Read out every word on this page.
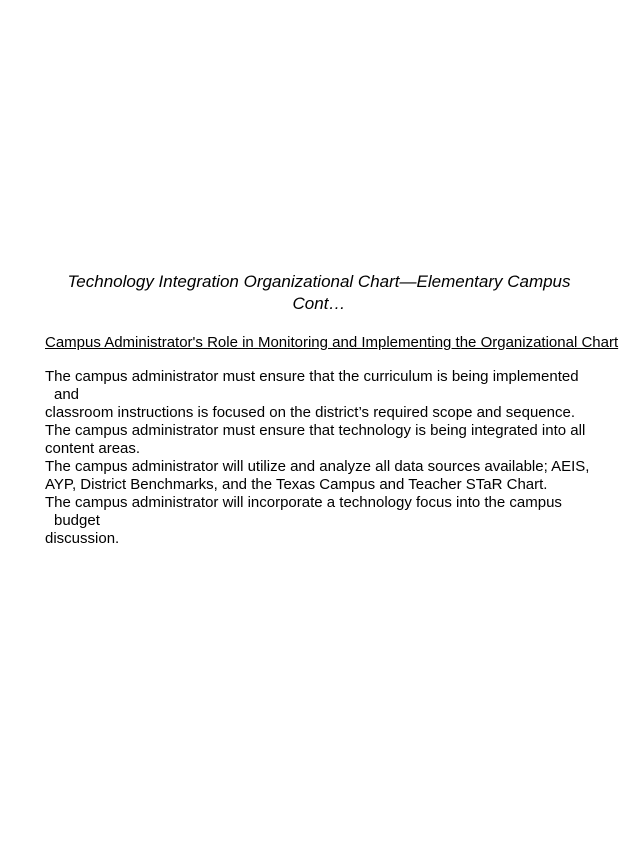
Technology Integration Organizational Chart—Elementary Campus
Cont…

Campus Administrator's Role in Monitoring and Implementing the Organizational Chart

The campus administrator must ensure that the curriculum is being implemented and
classroom instructions is focused on the district’s required scope and sequence.
The campus administrator must ensure that technology is being integrated into all
content areas.
The campus administrator will utilize and analyze all data sources available; AEIS,
AYP, District Benchmarks, and the Texas Campus and Teacher STaR Chart.
The campus administrator will incorporate a technology focus into the campus budget
discussion.
